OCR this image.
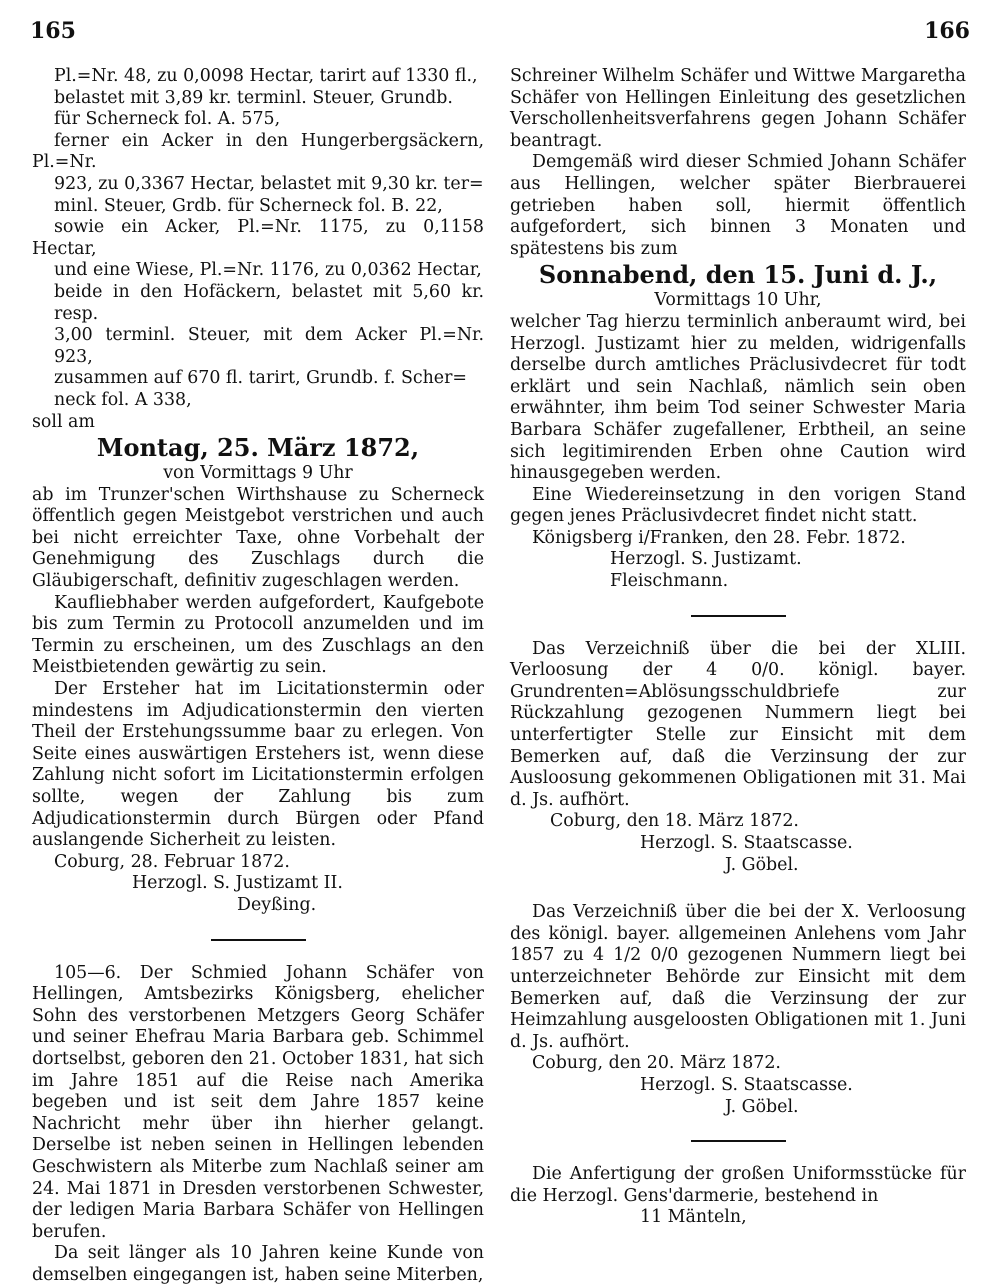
165	166

Pl.=Nr. 48, zu 0,0098 Hectar, tarirt auf 1330 fl.,

belastet mit 3,89 kr. terminl. Steuer, Grundb.

für Scherneck fol. A. 575,

ferner ein Acker in den Hungerbergsäckern, Pl.=Nr.

923, zu 0,3367 Hectar, belastet mit 9,30 kr. ter=

minl. Steuer, Grdb. für Scherneck fol. B. 22,

sowie ein Acker, Pl.=Nr. 1175, zu 0,1158 Hectar,

und eine Wiese, Pl.=Nr. 1176, zu 0,0362 Hectar,

beide in den Hofäckern, belastet mit 5,60 kr. resp.

3,00 terminl. Steuer, mit dem Acker Pl.=Nr. 923,

zusammen auf 670 fl. tarirt, Grundb. f. Scher=

neck fol. A 338,

soll am

Montag, 25. März 1872,

von Vormittags 9 Uhr

ab im Trunzer'schen Wirthshause zu Scherneck öffentlich gegen Meistgebot verstrichen und auch bei nicht erreichter Taxe, ohne Vorbehalt der Genehmigung des Zuschlags durch die Gläubigerschaft, definitiv zugeschlagen werden.

Kaufliebhaber werden aufgefordert, Kaufgebote bis zum Termin zu Protocoll anzumelden und im Termin zu erscheinen, um des Zuschlags an den Meistbietenden gewärtig zu sein.

Der Ersteher hat im Licitationstermin oder mindestens im Adjudicationstermin den vierten Theil der Erstehungssumme baar zu erlegen. Von Seite eines auswärtigen Erstehers ist, wenn diese Zahlung nicht sofort im Licitationstermin erfolgen sollte, wegen der Zahlung bis zum Adjudicationstermin durch Bürgen oder Pfand auslangende Sicherheit zu leisten.

Coburg, 28. Februar 1872.

Herzogl. S. Justizamt II.

Deyßing.

105—6. Der Schmied Johann Schäfer von Hellingen, Amtsbezirks Königsberg, ehelicher Sohn des verstorbenen Metzgers Georg Schäfer und seiner Ehefrau Maria Barbara geb. Schimmel dortselbst, geboren den 21. October 1831, hat sich im Jahre 1851 auf die Reise nach Amerika begeben und ist seit dem Jahre 1857 keine Nachricht mehr über ihn hierher gelangt. Derselbe ist neben seinen in Hellingen lebenden Geschwistern als Miterbe zum Nachlaß seiner am 24. Mai 1871 in Dresden verstorbenen Schwester, der ledigen Maria Barbara Schäfer von Hellingen berufen.

Da seit länger als 10 Jahren keine Kunde von demselben eingegangen ist, haben seine Miterben,

Schreiner Wilhelm Schäfer und Wittwe Margaretha Schäfer von Hellingen Einleitung des gesetzlichen Verschollenheitsverfahrens gegen Johann Schäfer beantragt.

Demgemäß wird dieser Schmied Johann Schäfer aus Hellingen, welcher später Bierbrauerei getrieben haben soll, hiermit öffentlich aufgefordert, sich binnen 3 Monaten und spätestens bis zum

Sonnabend, den 15. Juni d. J.,

Vormittags 10 Uhr,

welcher Tag hierzu terminlich anberaumt wird, bei Herzogl. Justizamt hier zu melden, widrigenfalls derselbe durch amtliches Präclusivdecret für todt erklärt und sein Nachlaß, nämlich sein oben erwähnter, ihm beim Tod seiner Schwester Maria Barbara Schäfer zugefallener, Erbtheil, an seine sich legitimirenden Erben ohne Caution wird hinausgegeben werden.

Eine Wiedereinsetzung in den vorigen Stand gegen jenes Präclusivdecret findet nicht statt.

Königsberg i/Franken, den 28. Febr. 1872.

Herzogl. S. Justizamt.

Fleischmann.

Das Verzeichniß über die bei der XLIII. Verloosung der 4 0/0. königl. bayer. Grundrenten=Ablösungsschuldbriefe zur Rückzahlung gezogenen Nummern liegt bei unterfertigter Stelle zur Einsicht mit dem Bemerken auf, daß die Verzinsung der zur Ausloosung gekommenen Obligationen mit 31. Mai d. Js. aufhört.

Coburg, den 18. März 1872.

Herzogl. S. Staatscasse.

J. Göbel.

Das Verzeichniß über die bei der X. Verloosung des königl. bayer. allgemeinen Anlehens vom Jahr 1857 zu 4 1/2 0/0 gezogenen Nummern liegt bei unterzeichneter Behörde zur Einsicht mit dem Bemerken auf, daß die Verzinsung der zur Heimzahlung ausgeloosten Obligationen mit 1. Juni d. Js. aufhört.

Coburg, den 20. März 1872.

Herzogl. S. Staatscasse.

J. Göbel.

Die Anfertigung der großen Uniformsstücke für die Herzogl. Gens'darmerie, bestehend in

11 Mänteln,
